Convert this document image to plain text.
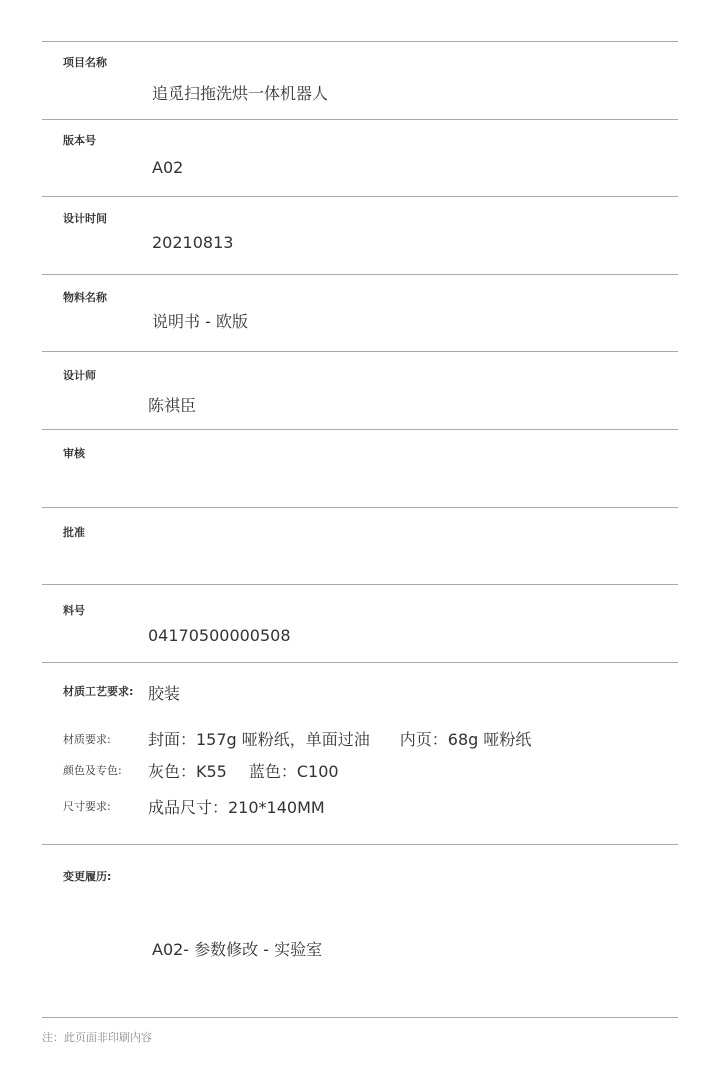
项目名称
追觅扫拖洗烘一体机器人
版本号
A02
设计时间
20210813
物料名称
说明书 - 欧版
设计师
陈祺臣
审核
批准
料号
04170500000508
材质工艺要求: 胶装
材质要求: 封面：157g 哑粉纸，单面过油 内页：68g 哑粉纸
颜色及专色: 灰色：K55 蓝色：C100
尺寸要求: 成品尺寸：210*140MM
变更履历:
A02- 参数修改 - 实验室
注：此页面非印刷内容
